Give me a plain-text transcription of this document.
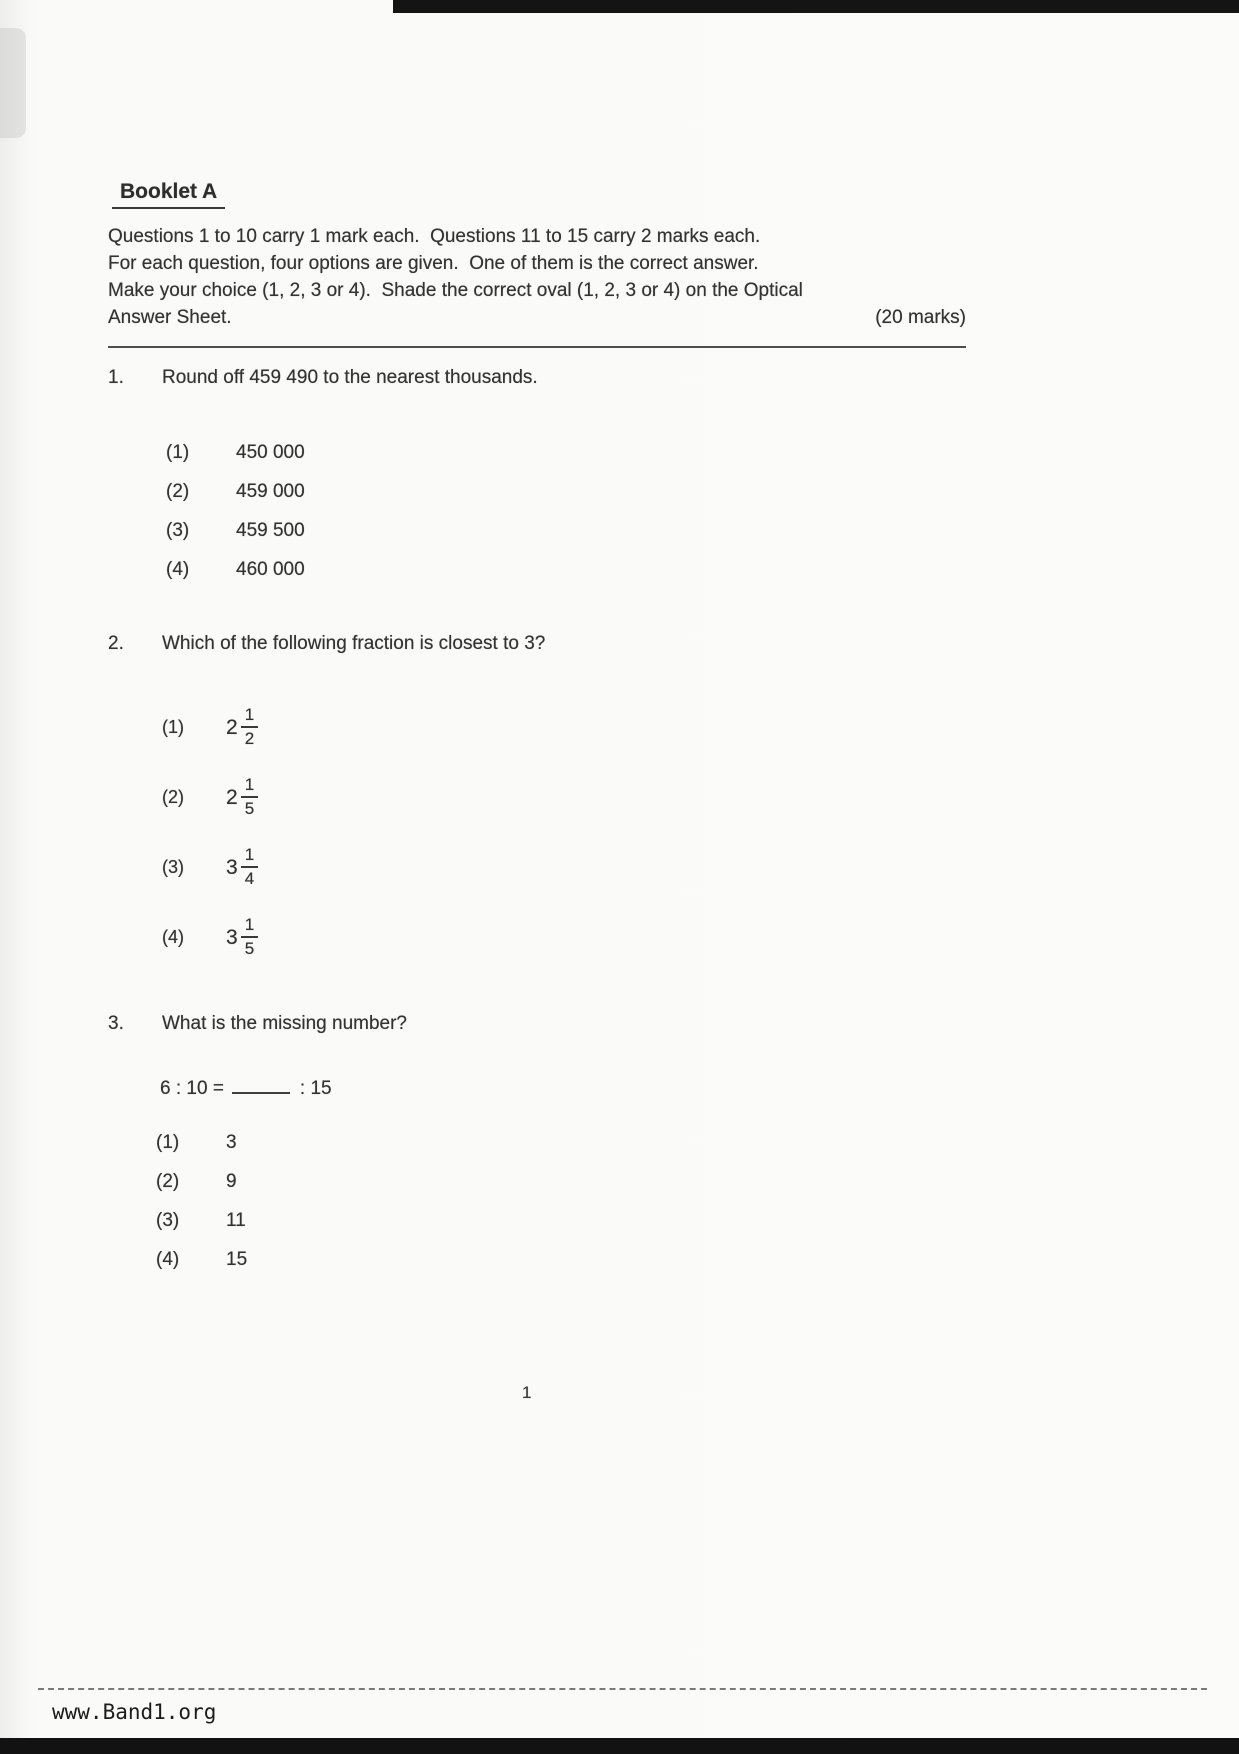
Booklet A
Questions 1 to 10 carry 1 mark each.  Questions 11 to 15 carry 2 marks each.
For each question, four options are given.  One of them is the correct answer.
Make your choice (1, 2, 3 or 4).  Shade the correct oval (1, 2, 3 or 4) on the Optical
Answer Sheet.	(20 marks)
1.	Round off 459 490 to the nearest thousands.
(1)	450 000
(2)	459 000
(3)	459 500
(4)	460 000
2.	Which of the following fraction is closest to 3?
(1)	$2 \frac{1}{2}$
(2)	$2 \frac{1}{5}$
(3)	$3 \frac{1}{4}$
(4)	$3 \frac{1}{5}$
3.	What is the missing number?
6 : 10 =	: 15
(1)	3
(2)	9
(3)	11
(4)	15
1
www.Band1.org
